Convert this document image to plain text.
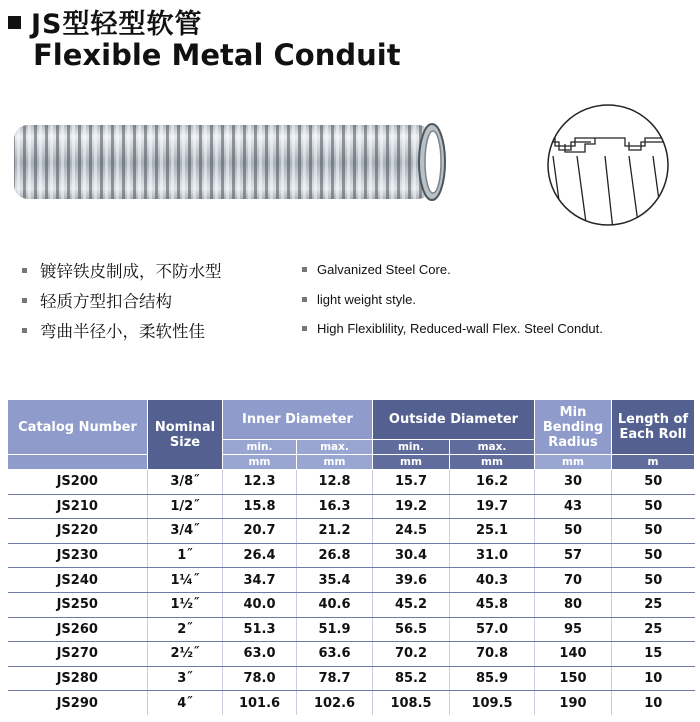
JS型轻型软管
Flexible Metal Conduit
镀锌铁皮制成，不防水型
轻质方型扣合结构
弯曲半径小，柔软性佳
Galvanized Steel Core.
light weight style.
High Flexiblility, Reduced-wall Flex. Steel Condut.
Catalog Number	Nominal Size	Inner Diameter		Outside Diameter		Min Bending Radius	Length of Each Roll
		min.	max.	min.	max.		
		mm	mm	mm	mm	mm	m
JS200	3/8˝	12.3	12.8	15.7	16.2	30	50
JS210	1/2˝	15.8	16.3	19.2	19.7	43	50
JS220	3/4˝	20.7	21.2	24.5	25.1	50	50
JS230	1˝	26.4	26.8	30.4	31.0	57	50
JS240	1¼˝	34.7	35.4	39.6	40.3	70	50
JS250	1½˝	40.0	40.6	45.2	45.8	80	25
JS260	2˝	51.3	51.9	56.5	57.0	95	25
JS270	2½˝	63.0	63.6	70.2	70.8	140	15
JS280	3˝	78.0	78.7	85.2	85.9	150	10
JS290	4˝	101.6	102.6	108.5	109.5	190	10
